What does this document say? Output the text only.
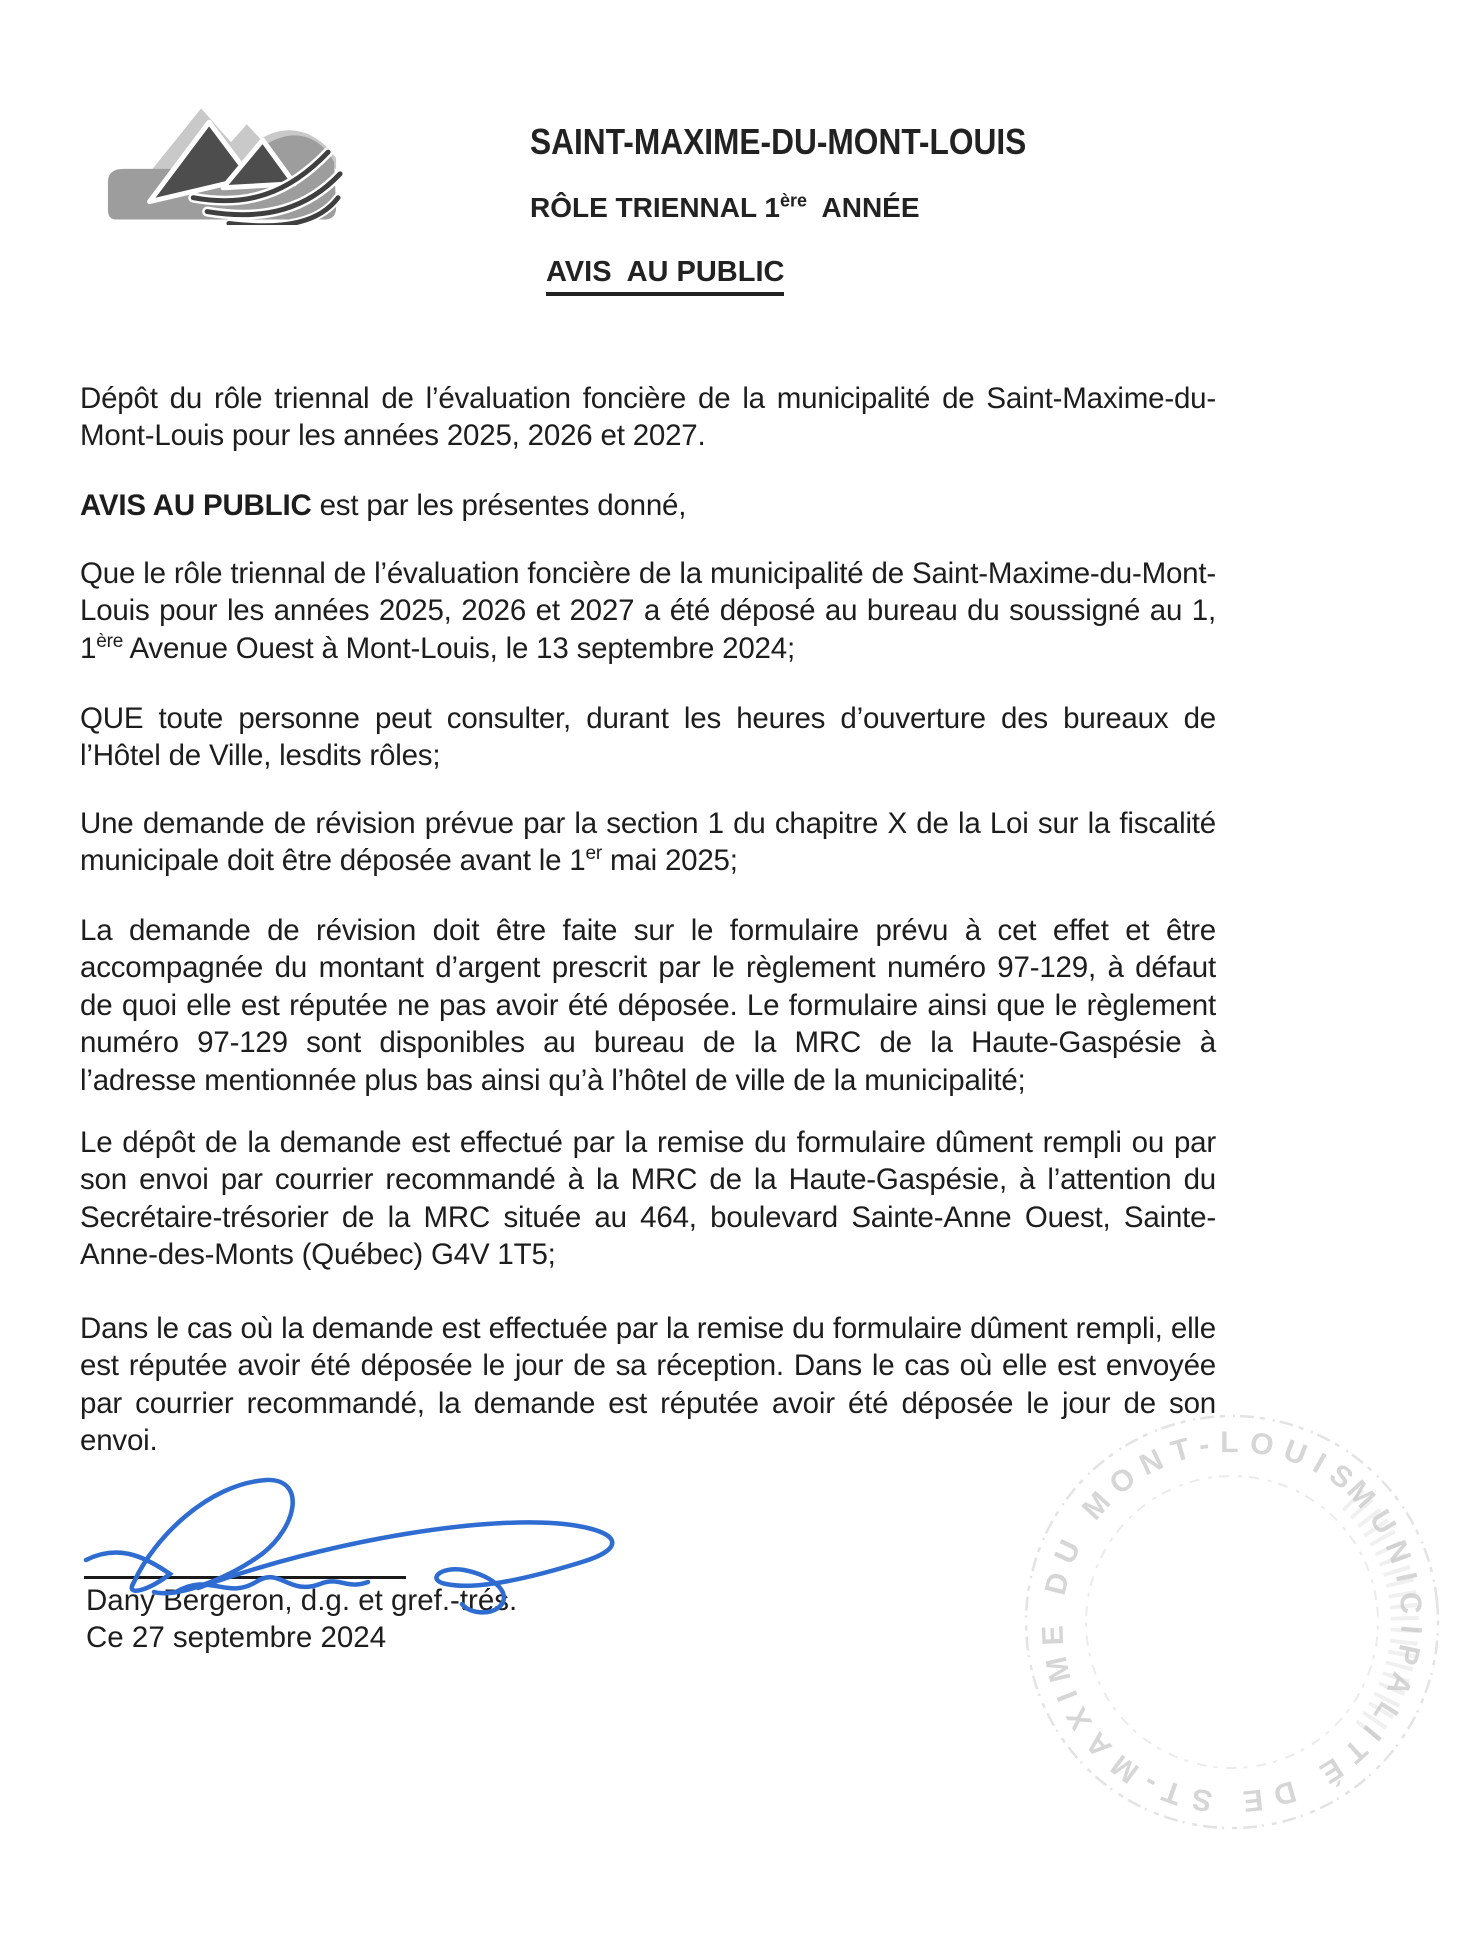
SAINT-MAXIME-DU-MONT-LOUIS
RÔLE TRIENNAL 1ère  ANNÉE
AVIS  AU PUBLIC

Dépôt du rôle triennal de l’évaluation foncière de la municipalité de Saint-Maxime-du-Mont-Louis pour les années 2025, 2026 et 2027.

AVIS AU PUBLIC est par les présentes donné,

Que le rôle triennal de l’évaluation foncière de la municipalité de Saint-Maxime-du-Mont-Louis pour les années 2025, 2026 et 2027 a été déposé au bureau du soussigné au 1, 1ère Avenue Ouest à Mont-Louis, le 13 septembre 2024;

QUE toute personne peut consulter, durant les heures d’ouverture des bureaux de l’Hôtel de Ville, lesdits rôles;

Une demande de révision prévue par la section 1 du chapitre X de la Loi sur la fiscalité municipale doit être déposée avant le 1er mai 2025;

La demande de révision doit être faite sur le formulaire prévu à cet effet et être accompagnée du montant d’argent prescrit par le règlement numéro 97-129, à défaut de quoi elle est réputée ne pas avoir été déposée. Le formulaire ainsi que le règlement numéro 97-129 sont disponibles au bureau de la MRC de la Haute-Gaspésie à l’adresse mentionnée plus bas ainsi qu’à l’hôtel de ville de la municipalité;

Le dépôt de la demande est effectué par la remise du formulaire dûment rempli ou par son envoi par courrier recommandé à la MRC de la Haute-Gaspésie, à l’attention du Secrétaire-trésorier de la MRC située au 464, boulevard Sainte-Anne Ouest, Sainte-Anne-des-Monts (Québec) G4V 1T5;

Dans le cas où la demande est effectuée par la remise du formulaire dûment rempli, elle est réputée avoir été déposée le jour de sa réception. Dans le cas où elle est envoyée par courrier recommandé, la demande est réputée avoir été déposée le jour de son envoi.

Dany Bergeron, d.g. et gref.-trés.
Ce 27 septembre 2024
MUNICIPALITÉ DE ST-MAXIME DU MONT-LOUIS
